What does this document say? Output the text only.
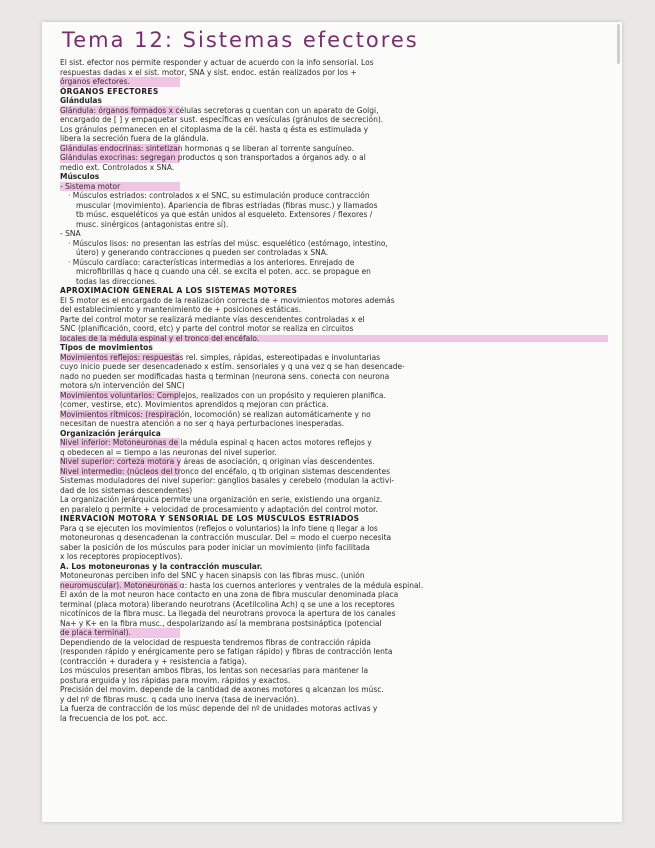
Tema 12: Sistemas efectores
El sist. efector nos permite responder y actuar de acuerdo con la info sensorial. Los
respuestas dadas x el sist. motor, SNA y sist. endoc. están realizados por los +
órganos efectores.
ÓRGANOS EFECTORES
Glándulas
Glándula: órganos formados x células secretoras q cuentan con un aparato de Golgi,
encargado de [ ] y empaquetar sust. específicas en vesículas (gránulos de secreción).
Los gránulos permanecen en el citoplasma de la cél. hasta q ésta es estimulada y
libera la secreción fuera de la glándula.
Glándulas endocrinas: sintetizan hormonas q se liberan al torrente sanguíneo.
Glándulas exocrinas: segregan productos q son transportados a órganos ady. o al
medio ext. Controlados x SNA.
Músculos
- Sistema motor
· Músculos estriados: controlados x el SNC, su estimulación produce contracción
muscular (movimiento). Apariencia de fibras estriadas (fibras musc.) y llamados
tb músc. esqueléticos ya que están unidos al esqueleto. Extensores / flexores /
musc. sinérgicos (antagonistas entre sí).
- SNA
· Músculos lisos: no presentan las estrías del músc. esquelético (estómago, intestino,
útero) y generando contracciones q pueden ser controladas x SNA.
· Músculo cardíaco: características intermedias a los anteriores. Enrejado de
microfibrillas q hace q cuando una cél. se excita el poten. acc. se propague en
todas las direcciones.
APROXIMACIÓN GENERAL A LOS SISTEMAS MOTORES
El S motor es el encargado de la realización correcta de + movimientos motores además
del establecimiento y mantenimiento de + posiciones estáticas.
Parte del control motor se realizará mediante vías descendentes controladas x el
SNC (planificación, coord, etc) y parte del control motor se realiza en circuitos
locales de la médula espinal y el tronco del encéfalo.
Tipos de movimientos
Movimientos reflejos: respuestas rel. simples, rápidas, estereotipadas e involuntarias
cuyo inicio puede ser desencadenado x estím. sensoriales y q una vez q se han desencade-
nado no pueden ser modificadas hasta q terminan (neurona sens. conecta con neurona
motora s/n intervención del SNC)
Movimientos voluntarios: Complejos, realizados con un propósito y requieren planifica.
(comer, vestirse, etc). Movimientos aprendidos q mejoran con práctica.
Movimientos rítmicos: (respiración, locomoción) se realizan automáticamente y no
necesitan de nuestra atención a no ser q haya perturbaciones inesperadas.
Organización jerárquica
Nivel inferior: Motoneuronas de la médula espinal q hacen actos motores reflejos y
q obedecen al = tiempo a las neuronas del nivel superior.
Nivel superior: corteza motora y áreas de asociación, q originan vías descendentes.
Nivel intermedio: (núcleos del tronco del encéfalo, q tb originan sistemas descendentes
Sistemas moduladores del nivel superior: ganglios basales y cerebelo (modulan la activi-
dad de los sistemas descendentes)
La organización jerárquica permite una organización en serie, existiendo una organiz.
en paralelo q permite + velocidad de procesamiento y adaptación del control motor.
INERVACIÓN MOTORA Y SENSORIAL DE LOS MÚSCULOS ESTRIADOS
Para q se ejecuten los movimientos (reflejos o voluntarios) la info tiene q llegar a los
motoneuronas q desencadenan la contracción muscular. Del = modo el cuerpo necesita
saber la posición de los músculos para poder iniciar un movimiento (info facilitada
x los receptores propioceptivos).
A. Los motoneuronas y la contracción muscular.
Motoneuronas perciben info del SNC y hacen sinapsis con las fibras musc. (unión
neuromuscular). Motoneuronas α: hasta los cuernos anteriores y ventrales de la médula espinal.
El axón de la mot neuron hace contacto en una zona de fibra muscular denominada placa
terminal (placa motora) liberando neurotrans (Acetilcolina Ach) q se une a los receptores
nicotínicos de la fibra musc. La llegada del neurotrans provoca la apertura de los canales
Na+ y K+ en la fibra musc., despolarizando así la membrana postsináptica (potencial
de placa terminal).
Dependiendo de la velocidad de respuesta tendremos fibras de contracción rápida
(responden rápido y enérgicamente pero se fatigan rápido) y fibras de contracción lenta
(contracción + duradera y + resistencia a fatiga).
Los músculos presentan ambos fibras, los lentas son necesarias para mantener la
postura erguida y los rápidas para movim. rápidos y exactos.
Precisión del movim. depende de la cantidad de axones motores q alcanzan los músc.
y del nº de fibras musc. q cada uno inerva (tasa de inervación).
La fuerza de contracción de los músc depende del nº de unidades motoras activas y
la frecuencia de los pot. acc.
